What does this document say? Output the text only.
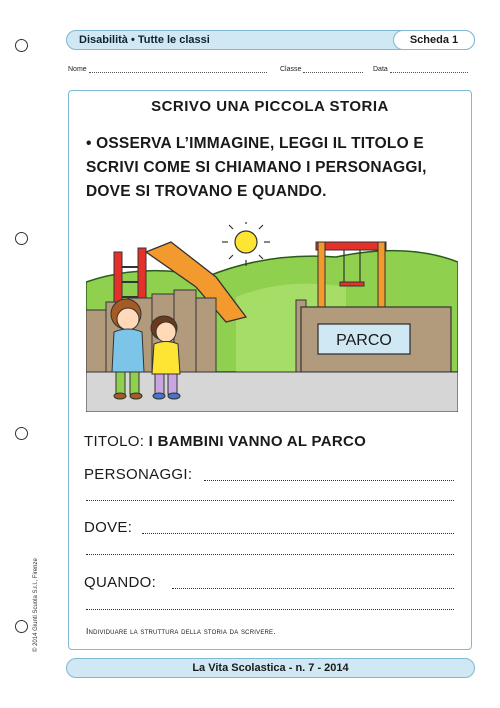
Disabilità • Tutte le classi	Scheda 1
Nome	Classe	Data
SCRIVO UNA PICCOLA STORIA
• OSSERVA L’IMMAGINE, LEGGI IL TITOLO E SCRIVI COME SI CHIAMANO I PERSONAGGI, DOVE SI TROVANO E QUANDO.
PARCO
TITOLO: I BAMBINI VANNO AL PARCO
PERSONAGGI:
DOVE:
QUANDO:
Individuare la struttura della storia da scrivere.
© 2014 Giunti Scuola S.r.l., Firenze
La Vita Scolastica - n. 7 - 2014
